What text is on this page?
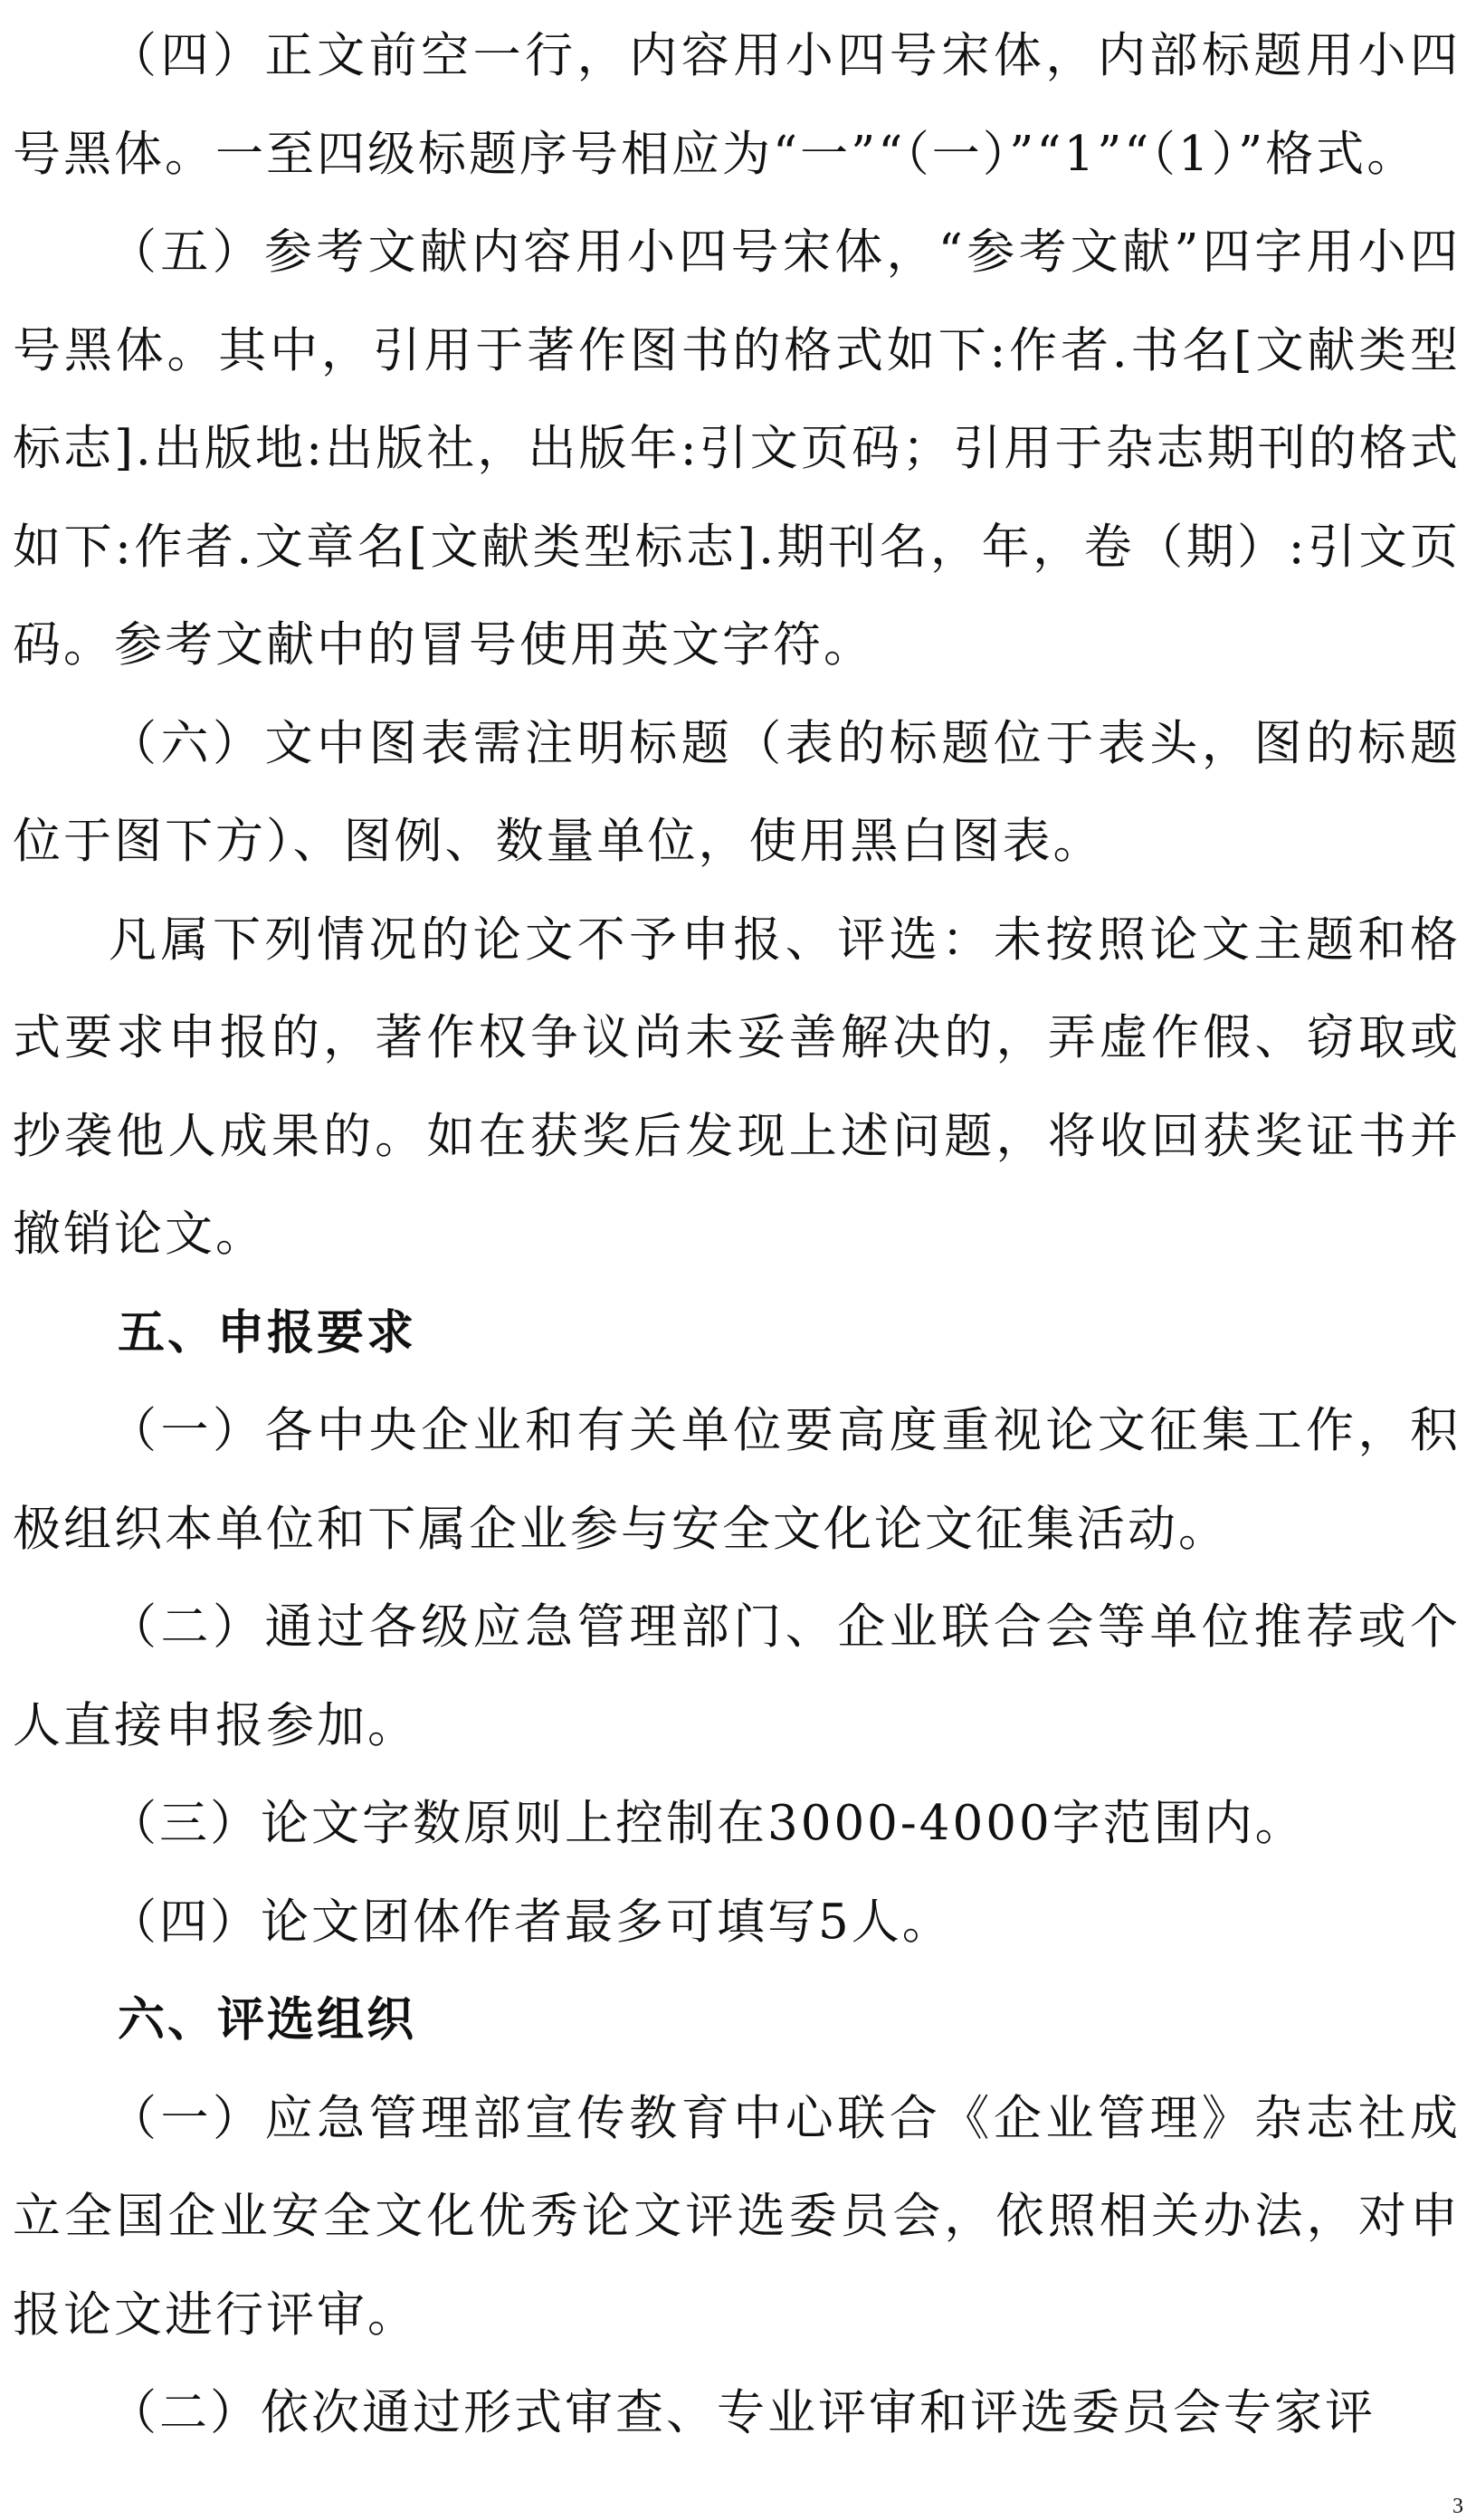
（四）正文前空一行，内容用小四号宋体，内部标题用小四号黑体。一至四级标题序号相应为“一”“（一）”“1”“（1）”格式。

（五）参考文献内容用小四号宋体，“参考文献”四字用小四号黑体。其中，引用于著作图书的格式如下:作者.书名[文献类型标志].出版地:出版社，出版年:引文页码；引用于杂志期刊的格式如下:作者.文章名[文献类型标志].期刊名，年，卷（期）:引文页码。参考文献中的冒号使用英文字符。

（六）文中图表需注明标题（表的标题位于表头，图的标题位于图下方）、图例、数量单位，使用黑白图表。

凡属下列情况的论文不予申报、评选：未按照论文主题和格式要求申报的，著作权争议尚未妥善解决的，弄虚作假、窃取或抄袭他人成果的。如在获奖后发现上述问题，将收回获奖证书并撤销论文。

五、申报要求

（一）各中央企业和有关单位要高度重视论文征集工作，积极组织本单位和下属企业参与安全文化论文征集活动。

（二）通过各级应急管理部门、企业联合会等单位推荐或个人直接申报参加。

（三）论文字数原则上控制在3000-4000字范围内。

（四）论文团体作者最多可填写5人。

六、评选组织

（一）应急管理部宣传教育中心联合《企业管理》杂志社成立全国企业安全文化优秀论文评选委员会，依照相关办法，对申报论文进行评审。

（二）依次通过形式审查、专业评审和评选委员会专家评

3
